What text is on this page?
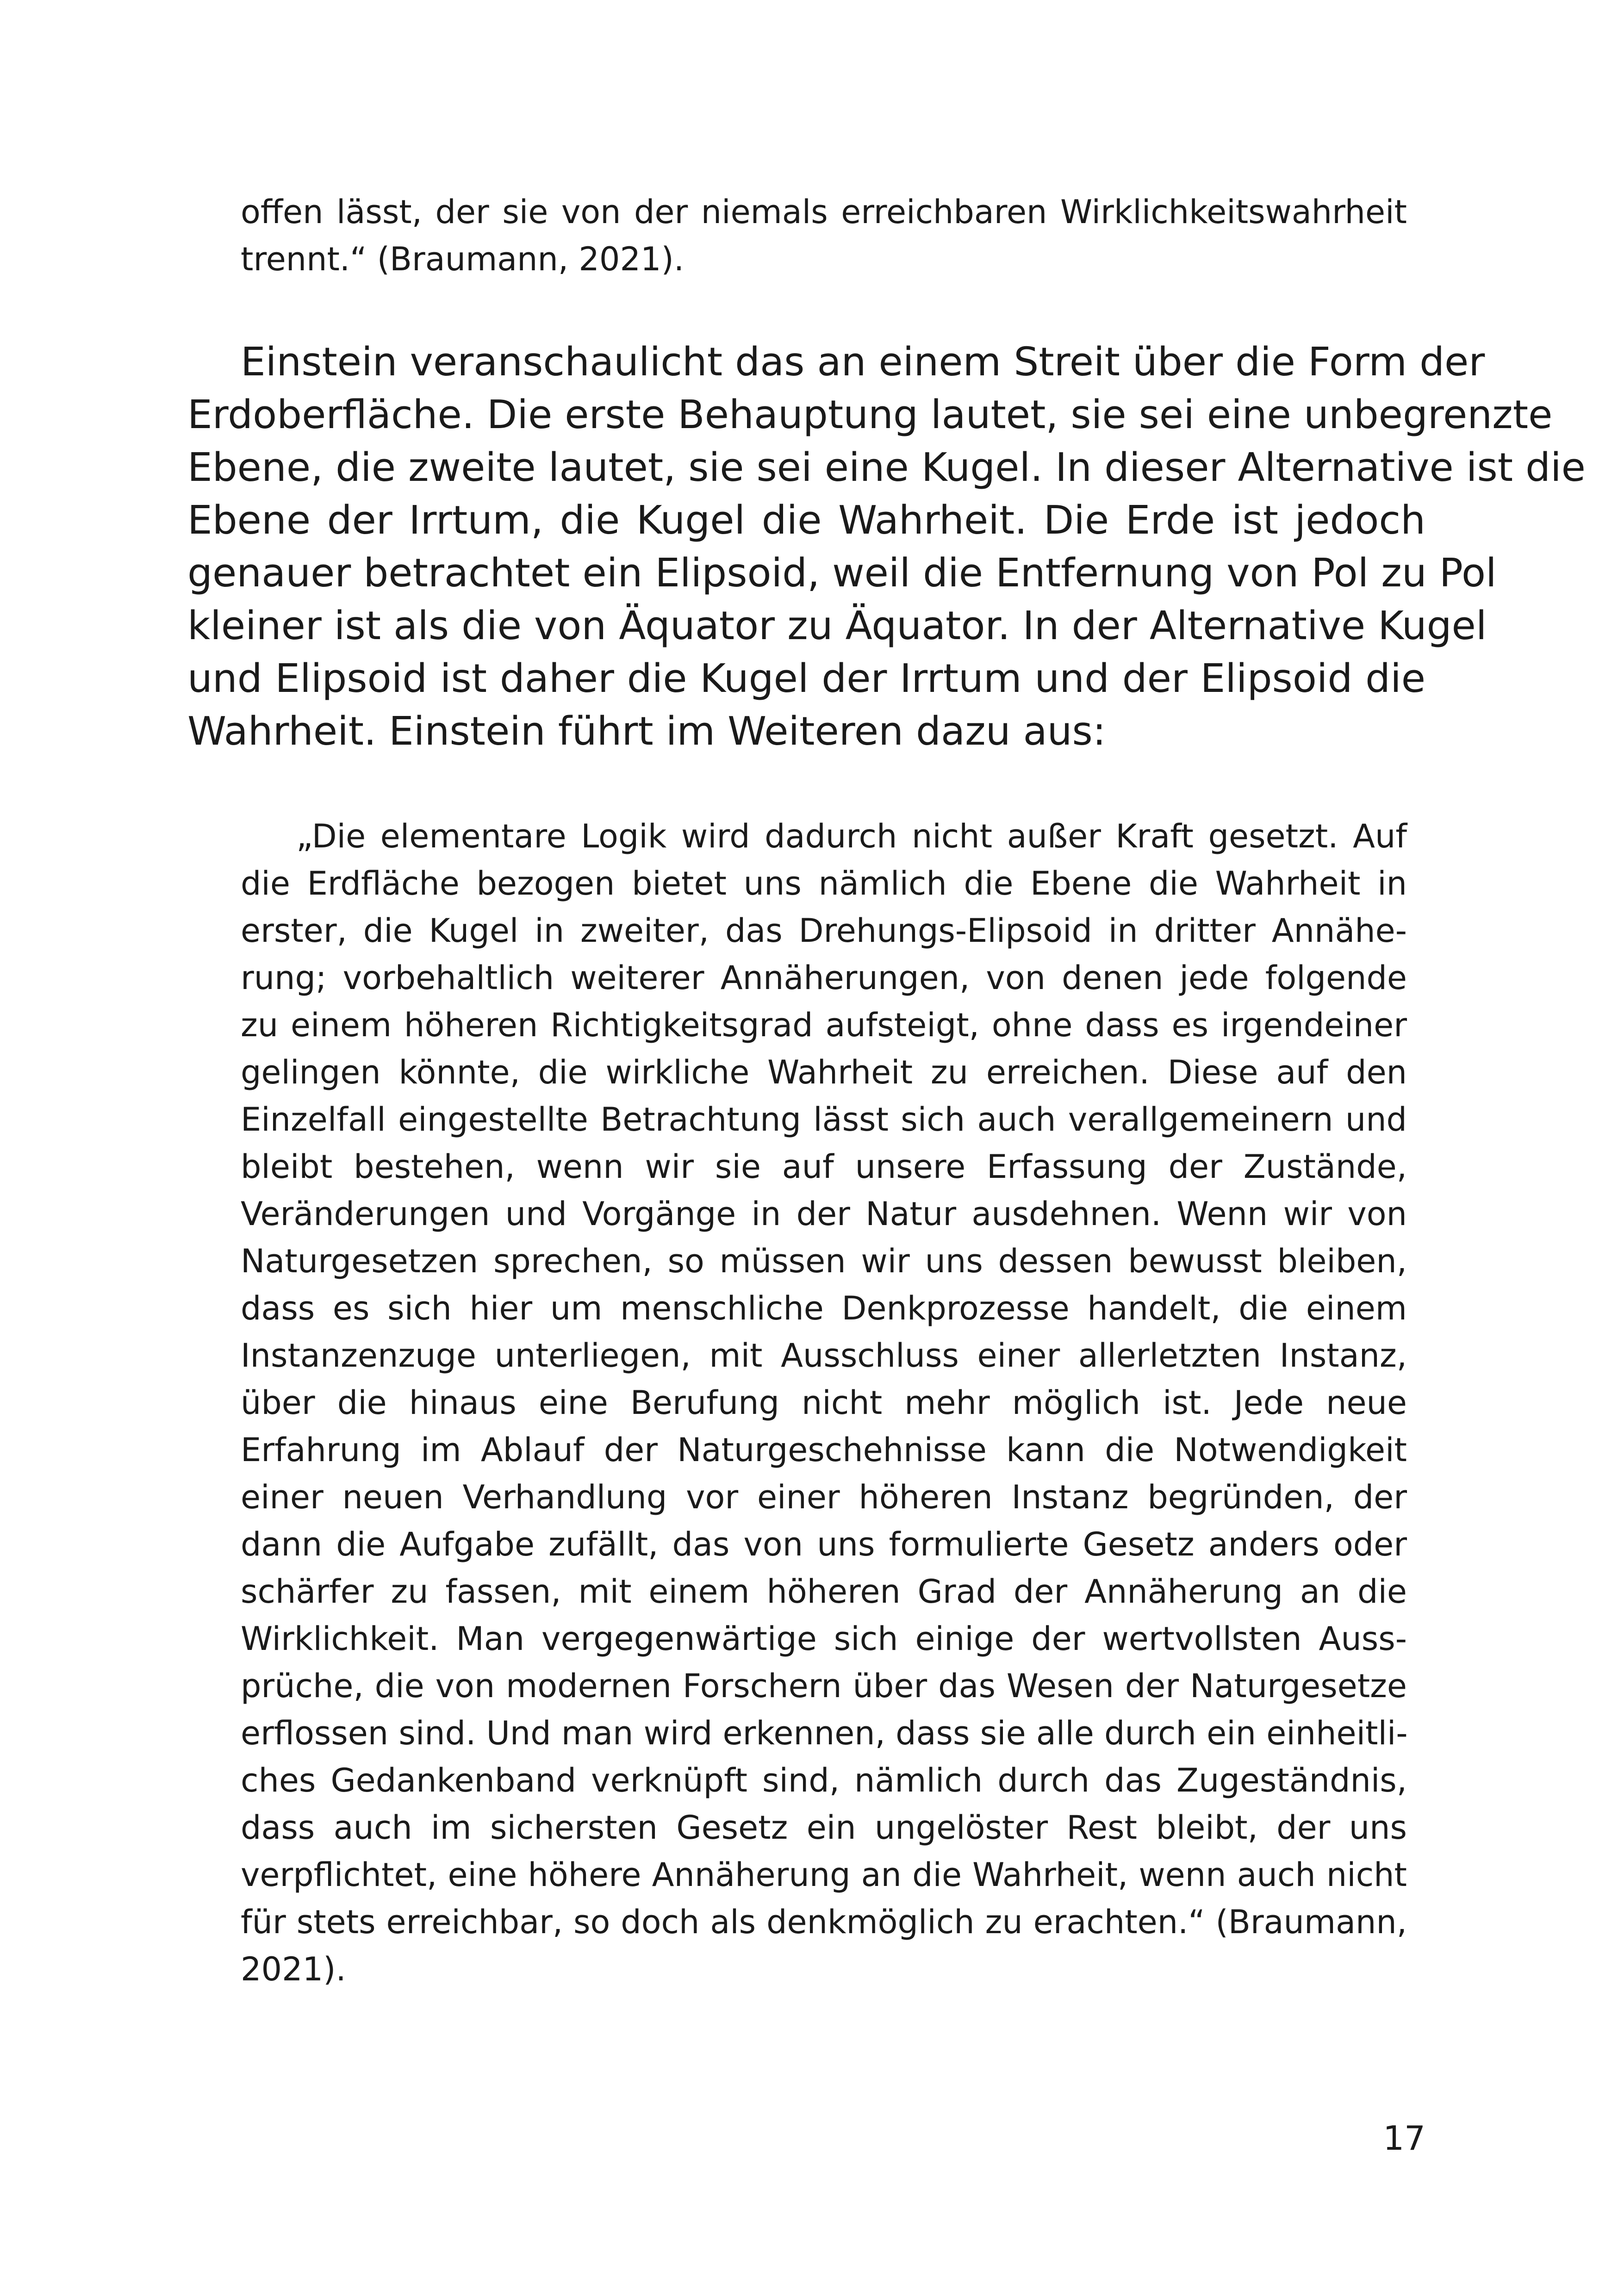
offen lässt, der sie von der niemals erreichbaren Wirklichkeitswahrheit
trennt.“ (Braumann, 2021).
Einstein veranschaulicht das an einem Streit über die Form der
Erdoberfläche. Die erste Behauptung lautet, sie sei eine unbegrenzte
Ebene, die zweite lautet, sie sei eine Kugel. In dieser Alternative ist die
Ebene der Irrtum, die Kugel die Wahrheit. Die Erde ist jedoch
genauer betrachtet ein Elipsoid, weil die Entfernung von Pol zu Pol
kleiner ist als die von Äquator zu Äquator. In der Alternative Kugel
und Elipsoid ist daher die Kugel der Irrtum und der Elipsoid die
Wahrheit. Einstein führt im Weiteren dazu aus:
„Die elementare Logik wird dadurch nicht außer Kraft gesetzt. Auf
die Erdfläche bezogen bietet uns nämlich die Ebene die Wahrheit in
erster, die Kugel in zweiter, das Drehungs-Elipsoid in dritter Annähe-
rung; vorbehaltlich weiterer Annäherungen, von denen jede folgende
zu einem höheren Richtigkeitsgrad aufsteigt, ohne dass es irgendeiner
gelingen könnte, die wirkliche Wahrheit zu erreichen. Diese auf den
Einzelfall eingestellte Betrachtung lässt sich auch verallgemeinern und
bleibt bestehen, wenn wir sie auf unsere Erfassung der Zustände,
Veränderungen und Vorgänge in der Natur ausdehnen. Wenn wir von
Naturgesetzen sprechen, so müssen wir uns dessen bewusst bleiben,
dass es sich hier um menschliche Denkprozesse handelt, die einem
Instanzenzuge unterliegen, mit Ausschluss einer allerletzten Instanz,
über die hinaus eine Berufung nicht mehr möglich ist. Jede neue
Erfahrung im Ablauf der Naturgeschehnisse kann die Notwendigkeit
einer neuen Verhandlung vor einer höheren Instanz begründen, der
dann die Aufgabe zufällt, das von uns formulierte Gesetz anders oder
schärfer zu fassen, mit einem höheren Grad der Annäherung an die
Wirklichkeit. Man vergegenwärtige sich einige der wertvollsten Auss-
prüche, die von modernen Forschern über das Wesen der Naturgesetze
erflossen sind. Und man wird erkennen, dass sie alle durch ein einheitli-
ches Gedankenband verknüpft sind, nämlich durch das Zugeständnis,
dass auch im sichersten Gesetz ein ungelöster Rest bleibt, der uns
verpflichtet, eine höhere Annäherung an die Wahrheit, wenn auch nicht
für stets erreichbar, so doch als denkmöglich zu erachten.“ (Braumann,
2021).
17
